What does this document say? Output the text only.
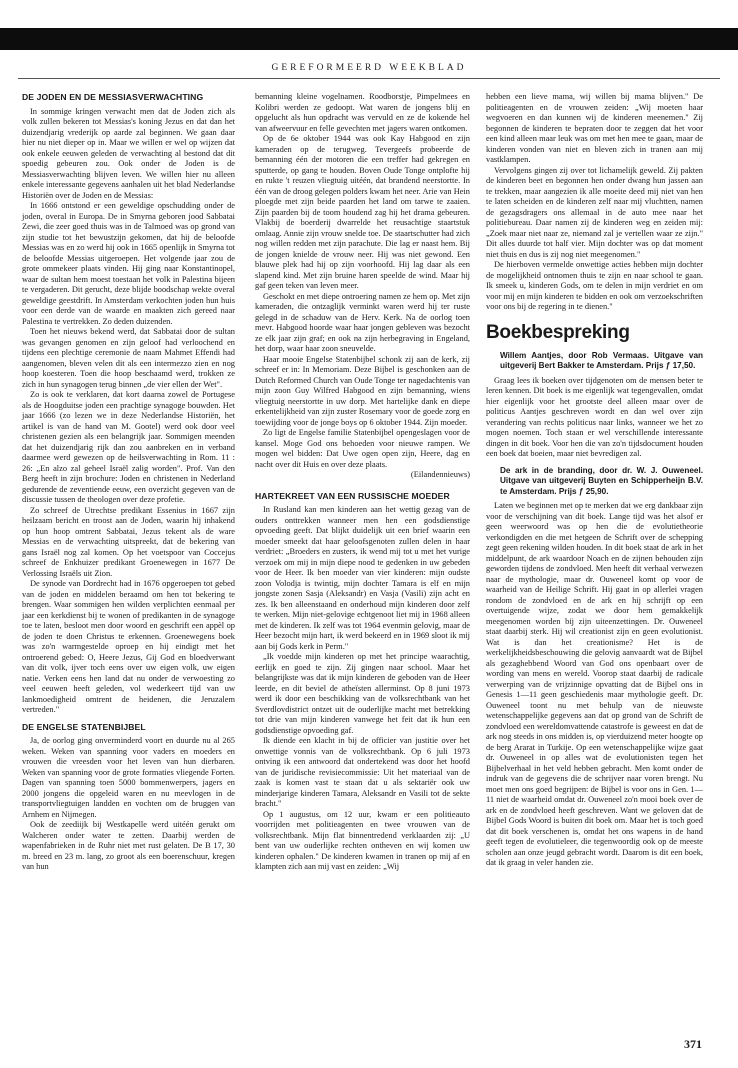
GEREFORMEERD WEEKBLAD
DE JODEN EN DE MESSIASVERWACHTING

In sommige kringen verwacht men dat de Joden zich als volk zullen bekeren tot Messias's koning Jezus en dat dan het duizendjarig vrederijk op aarde zal beginnen. We gaan daar hier nu niet dieper op in. Maar we willen er wel op wijzen dat ook enkele eeuwen geleden de verwachting al bestond dat dit spoedig gebeuren zou. Ook onder de Joden is de Messiasverwachting blijven leven. We willen hier nu alleen enkele interessante gegevens aanhalen uit het blad Nederlandse Historiën over de Joden en de Messias:

In 1666 ontstond er een geweldige opschudding onder de joden, overal in Europa. De in Smyrna geboren jood Sabbatai Zewi, die zeer goed thuis was in de Talmoed was op grond van zijn studie tot het bewustzijn gekomen, dat hij de beloofde Messias was en zo werd hij ook in 1665 openlijk in Smyrna tot de beloofde Messias uitgeroepen. Het volgende jaar zou de grote ommekeer plaats vinden. Hij ging naar Konstantinopel, waar de sultan hem moest toestaan het volk in Palestina bijeen te vergaderen. Dit gerucht, deze blijde boodschap wekte overal geweldige geestdrift. In Amsterdam verkochten joden hun huis voor een derde van de waarde en maakten zich gereed naar Palestina te vertrekken. Zo deden duizenden.

Toen het nieuws bekend werd, dat Sabbatai door de sultan was gevangen genomen en zijn geloof had verloochend en tijdens een plechtige ceremonie de naam Mahmet Effendi had aangenomen, bleven velen dit als een intermezzo zien en nog hoop koesteren. Toen die hoop beschaamd werd, trokken ze zich in hun synagogen terug binnen „de vier ellen der Wet".

Zo is ook te verklaren, dat kort daarna zowel de Portugese als de Hoogduitse joden een prachtige synagoge bouwden. Het jaar 1666 (zo lezen we in deze Nederlandse Historiën, het artikel is van de hand van M. Gootel) werd ook door veel christenen gezien als een belangrijk jaar. Sommigen meenden dat het duizendjarig rijk dan zou aanbreken en in verband daarmee werd gewezen op de heilsverwachting in Rom. 11 : 26: „En alzo zal geheel Israël zalig worden". Prof. Van den Berg heeft in zijn brochure: Joden en christenen in Nederland gedurende de zeventiende eeuw, een overzicht gegeven van de discussie tussen de theologen over deze profetie.

Zo schreef de Utrechtse predikant Essenius in 1667 zijn heilzaam bericht en troost aan de Joden, waarin hij inhakend op hun hoop omtrent Sabbatai, Jezus tekent als de ware Messias en de verwachting uitspreekt, dat de bekering van gans Israël nog zal komen. Op het voetspoor van Coccejus schreef de Enkhuizer predikant Groenewegen in 1677 De Verlossing Israëls uit Zion.

De synode van Dordrecht had in 1676 opgeroepen tot gebed van de joden en middelen beraamd om hen tot bekering te brengen. Waar sommigen hen wilden verplichten eenmaal per jaar een kerkdienst bij te wonen of predikanten in de synagoge toe te laten, besloot men door woord en geschrift een appèl op de joden te doen Christus te erkennen. Groenewegens boek was zo'n warmgestelde oproep en hij eindigt met het ontroerend gebed: O, Heere Jezus, Gij God en bloedverwant van dit volk, ijver toch eens over uw eigen volk, uw eigen natie. Verken eens hen land dat nu onder de verwoesting zo veel eeuwen heeft geleden, vol wederkeert tijd van uw lankmoedigheid omtrent de heidenen, die Jeruzalem vertreden."

DE ENGELSE STATENBIJBEL

Ja, de oorlog ging onverminderd voort en duurde nu al 265 weken. Weken van spanning voor vaders en moeders en vrouwen die vreesden voor het leven van hun dierbaren. Weken van spanning voor de grote formaties vliegende Forten. Dagen van spanning toen 5000 bommenwerpers, jagers en 2000 jongens die opgeleid waren en nu meevlogen in de transportvliegtuigen landden en vochten om de bruggen van Arnhem en Nijmegen.

Ook de zeediijk bij Westkapelle werd uitéén gerukt om Walcheren onder water te zetten. Daarbij werden de wapenfabrieken in de Ruhr niet met rust gelaten. De B 17, 30 m. breed en 23 m. lang, zo groot als een boerenschuur, kregen van hun

bemanning kleine vogelnamen. Roodborstje, Pimpelmees en Kolibri werden ze gedoopt. Wat waren de jongens blij en opgelucht als hun opdracht was vervuld en ze de kokende hel van afweervuur en felle gevechten met jagers waren ontkomen.

Op de 6e oktober 1944 was ook Kay Habgood en zijn kameraden op de terugweg. Tevergeefs probeerde de bemanning één der motoren die een treffer had gekregen en sputterde, op gang te houden. Boven Oude Tonge ontplofte hij en rukte 't reuzen vliegtuig uitéén, dat brandend neerstortte. In één van de droog gelegen polders kwam het neer. Arie van Hein ploegde met zijn beide paarden het land om tarwe te zaaien. Zijn paarden bij de toom houdend zag hij het drama gebeuren. Vlakbij de boerderij dwarrelde het reusachtige staartstuk omlaag. Annie zijn vrouw snelde toe. De staartschutter had zich nog willen redden met zijn parachute. Die lag er naast hem. Bij de jongen knielde de vrouw neer. Hij was niet gewond. Een blauwe plek had hij op zijn voorhoofd. Hij lag daar als een slapend kind. Met zijn bruine haren speelde de wind. Maar hij gaf geen teken van leven meer.

Geschokt en met diepe ontroering namen ze hem op. Met zijn kameraden, die ontzaglijk verminkt waren werd hij ter ruste gelegd in de schaduw van de Herv. Kerk. Na de oorlog toen mevr. Habgood hoorde waar haar jongen gebleven was bezocht ze elk jaar zijn graf; en ook na zijn herbegraving in Engeland, het dorp, waar haar zoon sneuvelde.

Haar mooie Engelse Statenbijbel schonk zij aan de kerk, zij schreef er in: In Memoriam. Deze Bijbel is geschonken aan de Dutch Reformed Church van Oude Tonge ter nagedachtenis van mijn zoon Guy Wilfred Habgood en zijn bemanning, wiens vliegtuig neerstortte in uw dorp. Met hartelijke dank en diepe erkentelijkheid van zijn zuster Rosemary voor de goede zorg en toewijding voor de jonge boys op 6 oktober 1944. Zijn moeder.

Zo ligt de Engelse familie Statenbijbel opengeslagen voor de kansel. Moge God ons behoeden voor nieuwe rampen. We mogen wel bidden: Dat Uwe ogen open zijn, Heere, dag en nacht over dit Huis en over deze plaats.

(Eilandennieuws)

HARTEKREET VAN EEN RUSSISCHE MOEDER

In Rusland kan men kinderen aan het wettig gezag van de ouders onttrekken wanneer men hen een godsdienstige opvoeding geeft. Dat blijkt duidelijk uit een brief waarin een moeder smeekt dat haar geloofsgenoten zullen delen in haar verdriet: „Broeders en zusters, ik wend mij tot u met het vurige verzoek om mij in mijn diepe nood te gedenken in uw gebeden voor de Heer. Ik ben moeder van vier kinderen: mijn oudste zoon Volodja is twintig, mijn dochter Tamara is elf en mijn jongste zonen Sasja (Aleksandr) en Vasja (Vasili) zijn acht en zes. Ik ben alleenstaand en onderhoud mijn kinderen door zelf te werken. Mijn niet-gelovige echtgenoot liet mij in 1968 alleen met de kinderen. Ik zelf was tot 1964 evenmin gelovig, maar de Heer bezocht mijn hart, ik werd bekeerd en in 1969 sloot ik mij aan bij Gods kerk in Perm."

„Ik voedde mijn kinderen op met het principe waarachtig, eerlijk en goed te zijn. Zij gingen naar school. Maar het belangrijkste was dat ik mijn kinderen de geboden van de Heer leerde, en dit beviel de atheïsten allerminst. Op 8 juni 1973 werd ik door een beschikking van de volksrechtbank van het Sverdlovdistrict ontzet uit de ouderlijke macht met betrekking tot drie van mijn kinderen vanwege het feit dat ik hun een godsdienstige opvoeding gaf.

Ik diende een klacht in bij de officier van justitie over het onwettige vonnis van de volksrechtbank. Op 6 juli 1973 ontving ik een antwoord dat ondertekend was door het hoofd van de juridische revisiecommissie: Uit het materiaal van de zaak is komen vast te staan dat u als sektariër ook uw minderjarige kinderen Tamara, Aleksandr en Vasili tot de sekte bracht."

Op 1 augustus, om 12 uur, kwam er een politieauto voorrijden met politieagenten en twee vrouwen van de volksrechtbank. Mijn flat binnentredend verklaarden zij: „U bent van uw ouderlijke rechten ontheven en wij komen uw kinderen ophalen." De kinderen kwamen in tranen op mij af en klampten zich aan mij vast en zeiden: „Wij

hebben een lieve mama, wij willen bij mama blijven." De politieagenten en de vrouwen zeiden: „Wij moeten haar wegvoeren en dan kunnen wij de kinderen meenemen." Zij begonnen de kinderen te bepraten door te zeggen dat het voor een kind alleen maar leuk was om met hen mee te gaan, maar de kinderen vonden van niet en bleven zich in tranen aan mij vastklampen.

Vervolgens gingen zij over tot lichamelijk geweld. Zij pakten de kinderen beet en begonnen hen onder dwang hun jassen aan te trekken, maar aangezien ik alle moeite deed mij niet van hen te laten scheiden en de kinderen zelf naar mij vluchtten, namen de gezagsdragers ons allemaal in de auto mee naar het politiebureau. Daar namen zij de kinderen weg en zeiden mij: „Zoek maar niet naar ze, niemand zal je vertellen waar ze zijn." Dit alles duurde tot half vier. Mijn dochter was op dat moment niet thuis en dus is zij nog niet meegenomen."

De hierboven vermelde onwettige acties hebben mijn dochter de mogelijkheid ontnomen thuis te zijn en naar school te gaan. Ik smeek u, kinderen Gods, om te delen in mijn verdriet en om voor mij en mijn kinderen te bidden en ook om verzoekschriften voor ons bij de regering in te dienen."

Boekbespreking

Willem Aantjes, door Rob Vermaas. Uitgave van uitgeverij Bert Bakker te Amsterdam. Prijs ƒ 17,50.

Graag lees ik boeken over tijdgenoten om de mensen beter te leren kennen. Dit boek is me eigenlijk wat tegengevallen, omdat hier eigenlijk voor het grootste deel alleen maar over de politicus Aantjes geschreven wordt en dan wel over zijn verandering van rechts politicus naar links, wanneer we het zo mogen noemen. Toch staan er wel verschillende interessante dingen in dit boek. Voor hen die van zo'n tijdsdocument houden een boek dat boeien, maar niet bevredigen zal.

De ark in de branding, door dr. W. J. Ouweneel. Uitgave van uitgeverij Buyten en Schipperheijn B.V. te Amsterdam. Prijs ƒ 25,90.

Laten we beginnen met op te merken dat we erg dankbaar zijn voor de verschijning van dit boek. Lange tijd was het alsof er geen weerwoord was op hen die de evolutietheorie verkondigden en die met hetgeen de Schrift over de schepping zegt geen rekening wilden houden. In dit boek staat de ark in het middelpunt, de ark waardoor Noach en de zijnen behouden zijn geworden tijdens de zondvloed. Men heeft dit verhaal verwezen naar de mythologie, maar dr. Ouweneel komt op voor de waarheid van de Heilige Schrift. Hij gaat in op allerlei vragen rondom de zondvloed en de ark en hij schrijft op een overtuigende wijze, zodat we door hem gemakkelijk meegenomen worden bij zijn uiteenzettingen. Dr. Ouweneel staat daarbij sterk. Hij wil creationist zijn en geen evolutionist. Wat is dan het creationisme? Het is de werkelijkheidsbeschouwing die gelovig aanvaardt wat de Bijbel als gezaghebbend Woord van God ons openbaart over de wording van mens en wereld. Voorop staat daarbij de radicale verwerping van de vrijzinnige opvatting dat de Bijbel ons in Genesis 1—11 geen geschiedenis maar mythologie geeft. Dr. Ouweneel toont nu met behulp van de nieuwste wetenschappelijke gegevens aan dat op grond van de Schrift de zondvloed een wereldomvattende catastrofe is geweest en dat de ark nog steeds in ons midden is, op vierduizend meter hoogte op de berg Ararat in Turkije. Op een wetenschappelijke wijze gaat dr. Ouweneel in op alles wat de evolutionisten tegen het Bijbelverhaal in het veld hebben gebracht. Men komt onder de indruk van de gegevens die de schrijver naar voren brengt. Nu moet men ons goed begrijpen: de Bijbel is voor ons in Gen. 1—11 niet de waarheid omdat dr. Ouweneel zo'n mooi boek over de ark en de zondvloed heeft geschreven. Want we geloven dat de Bijbel Gods Woord is buiten dit boek om. Maar het is toch goed dat dit boek verschenen is, omdat het ons wapens in de hand geeft tegen de evolutieleer, die tegenwoordig ook op de meeste scholen aan onze jeugd gebracht wordt. Daarom is dit een boek, dat ik graag in veler handen zie.

371
